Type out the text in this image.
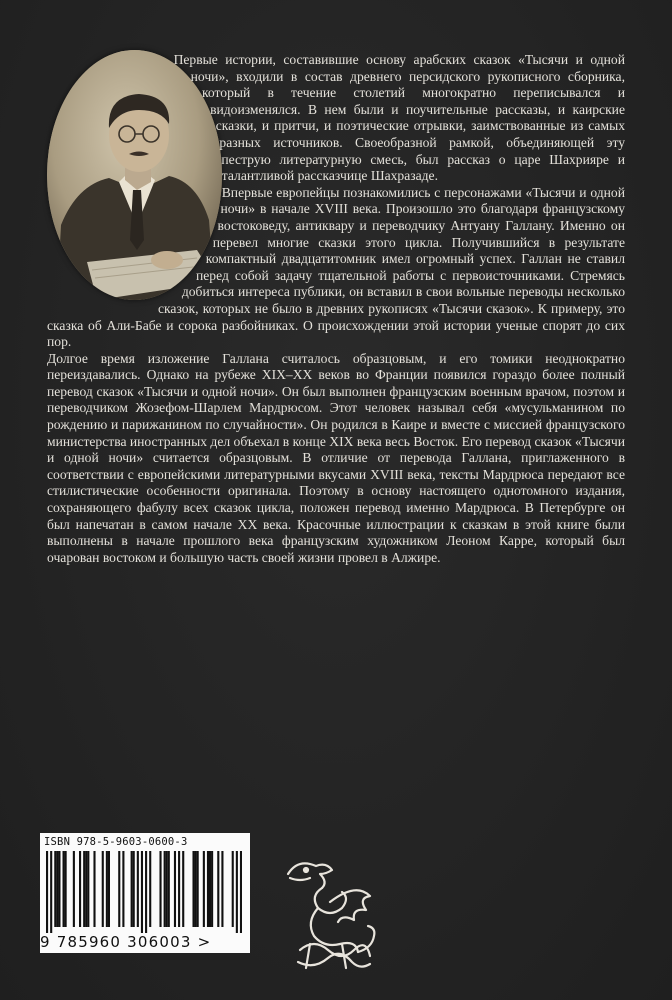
Первые истории, составившие основу арабских сказок «Тысячи и одной ночи», входили в состав древнего персидского рукописного сборника, который в течение столетий многократно переписывался и видоизменялся. В нем были и поучительные рассказы, и каирские сказки, и притчи, и поэтические отрывки, заимствованные из самых разных источников. Своеобразной рамкой, объединяющей эту пеструю литературную смесь, был рассказ о царе Шахрияре и талантливой рассказчице Шахразаде.

Впервые европейцы познакомились с персонажами «Тысячи и одной ночи» в начале XVIII века. Произошло это благодаря французскому востоковеду, антиквару и переводчику Антуану Галлану. Именно он перевел многие сказки этого цикла. Получившийся в результате компактный двадцатитомник имел огромный успех. Галлан не ставил перед собой задачу тщательной работы с первоисточниками. Стремясь добиться интереса публики, он вставил в свои вольные переводы несколько сказок, которых не было в древних рукописях «Тысячи сказок». К примеру, это сказка об Али-Бабе и сорока разбойниках. О происхождении этой истории ученые спорят до сих пор.

Долгое время изложение Галлана считалось образцовым, и его томики неоднократно переиздавались. Однако на рубеже XIX–XX веков во Франции появился гораздо более полный перевод сказок «Тысячи и одной ночи». Он был выполнен французским военным врачом, поэтом и переводчиком Жозефом-Шарлем Мардрюсом. Этот человек называл себя «мусульманином по рождению и парижанином по случайности». Он родился в Каире и вместе с миссией французского министерства иностранных дел объехал в конце XIX века весь Восток. Его перевод сказок «Тысячи и одной ночи» считается образцовым. В отличие от перевода Галлана, приглаженного в соответствии с европейскими литературными вкусами XVIII века, тексты Мардрюса передают все стилистические особенности оригинала. Поэтому в основу настоящего однотомного издания, сохраняющего фабулу всех сказок цикла, положен перевод именно Мардрюса. В Петербурге он был напечатан в самом начале XX века. Красочные иллюстрации к сказкам в этой книге были выполнены в начале прошлого века французским художником Леоном Карре, который был очарован востоком и большую часть своей жизни провел в Алжире.

ISBN 978-5-9603-0600-3
9 785960 306003 >
